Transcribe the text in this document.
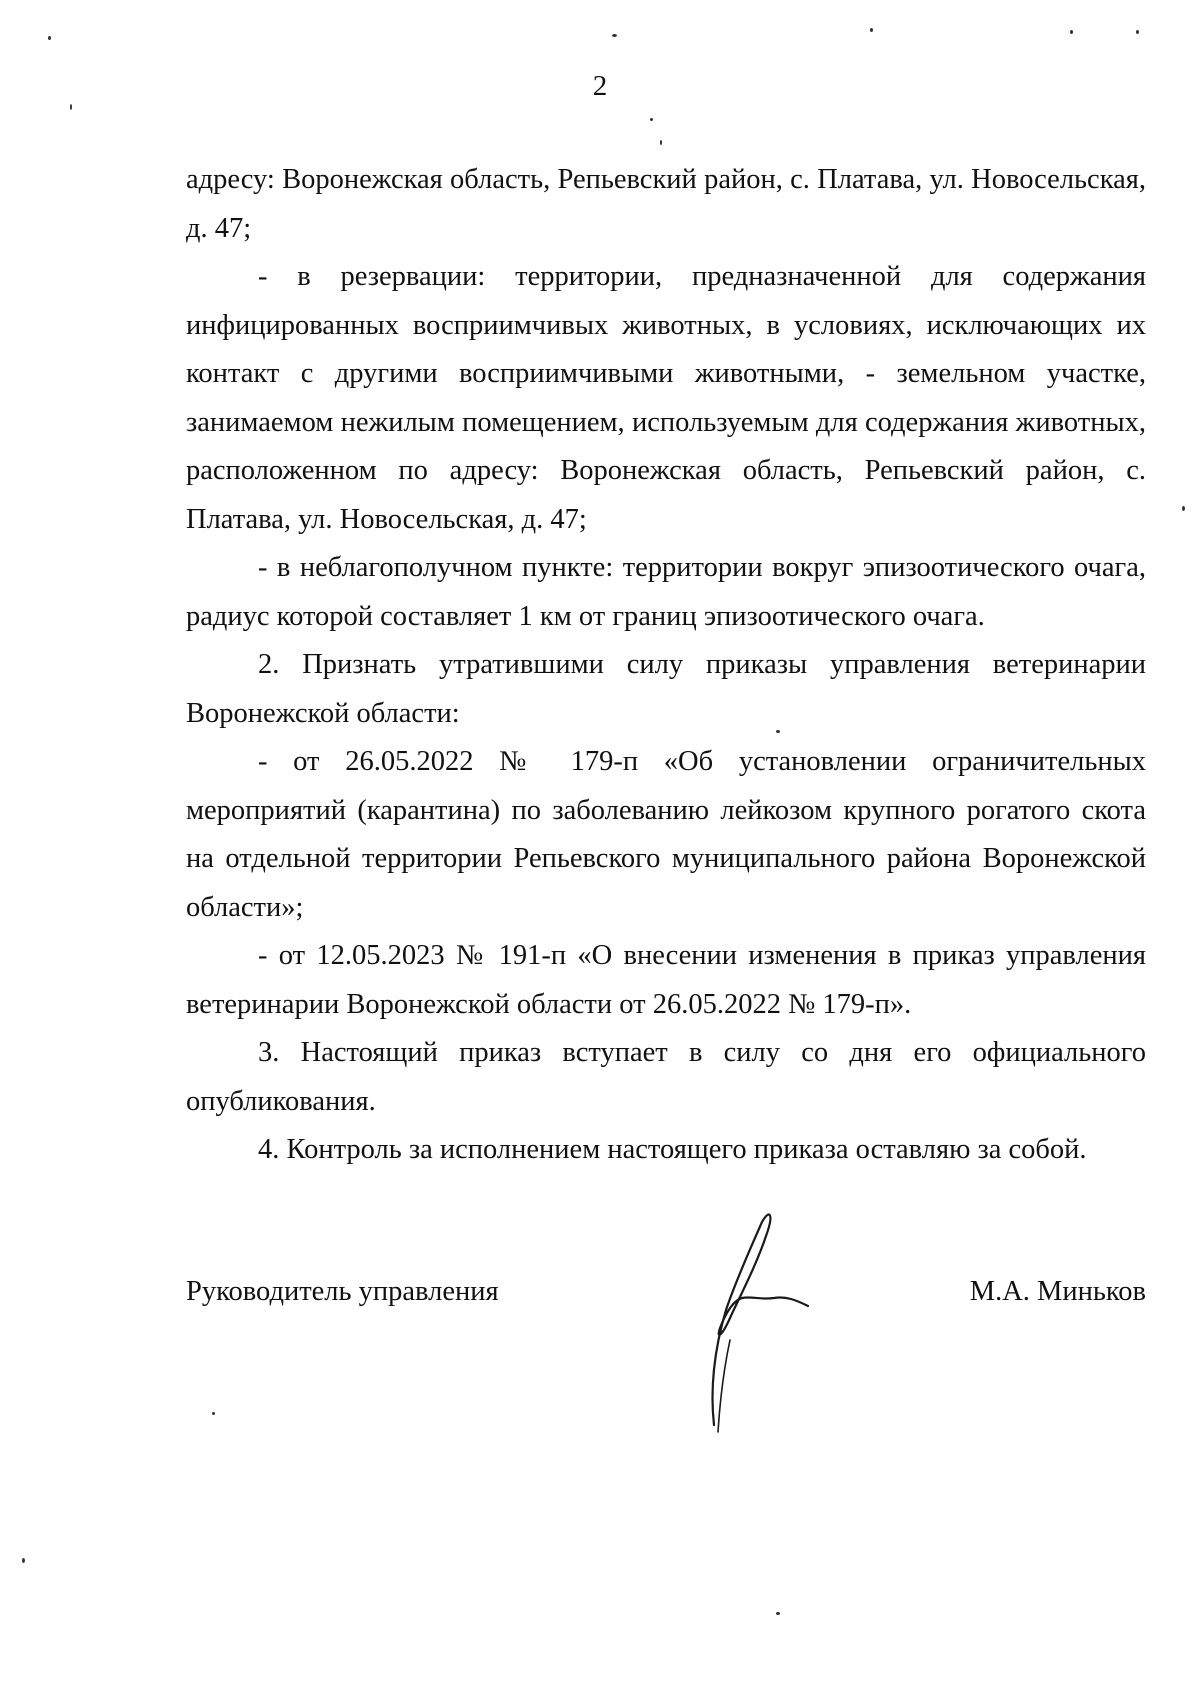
2

адресу: Воронежская область, Репьевский район, с. Платава, ул. Новосельская, д. 47;

- в резервации: территории, предназначенной для содержания инфицированных восприимчивых животных, в условиях, исключающих их контакт с другими восприимчивыми животными, - земельном участке, занимаемом нежилым помещением, используемым для содержания животных, расположенном по адресу: Воронежская область, Репьевский район, с. Платава, ул. Новосельская, д. 47;

- в неблагополучном пункте: территории вокруг эпизоотического очага, радиус которой составляет 1 км от границ эпизоотического очага.

2. Признать утратившими силу приказы управления ветеринарии Воронежской области:

- от 26.05.2022 № 179-п «Об установлении ограничительных мероприятий (карантина) по заболеванию лейкозом крупного рогатого скота на отдельной территории Репьевского муниципального района Воронежской области»;

- от 12.05.2023 № 191-п «О внесении изменения в приказ управления ветеринарии Воронежской области от 26.05.2022 № 179-п».

3. Настоящий приказ вступает в силу со дня его официального опубликования.

4. Контроль за исполнением настоящего приказа оставляю за собой.

Руководитель управления	М.А. Миньков
